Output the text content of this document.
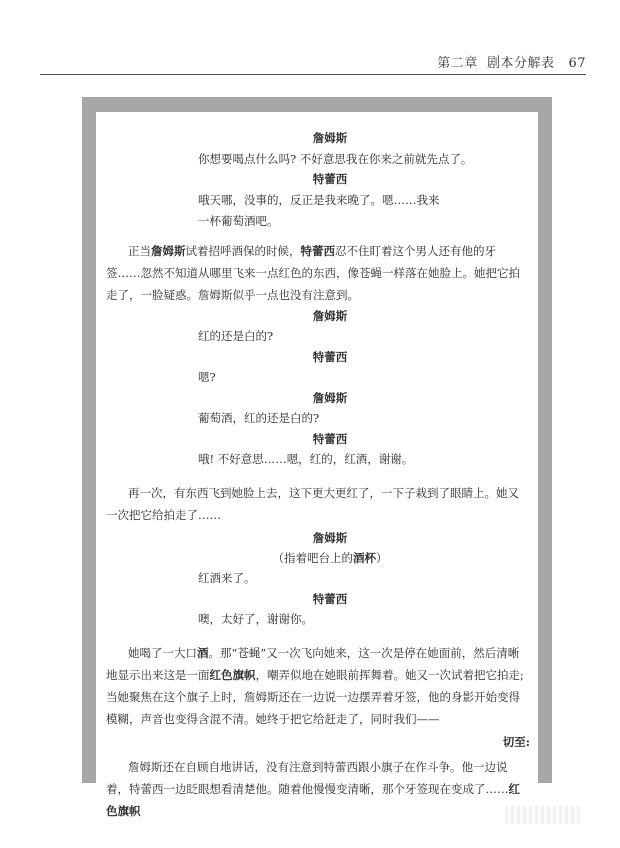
第二章 剧本分解表 67
詹姆斯
你想要喝点什么吗? 不好意思我在你来之前就先点了。
特蕾西
哦天哪，没事的，反正是我来晚了。嗯……我来
一杯葡萄酒吧。
正当詹姆斯试着招呼酒保的时候，特蕾西忍不住盯着这个男人还有他的牙签……忽然不知道从哪里飞来一点红色的东西，像苍蝇一样落在她脸上。她把它拍走了，一脸疑惑。詹姆斯似乎一点也没有注意到。
詹姆斯
红的还是白的?
特蕾西
嗯?
詹姆斯
葡萄酒，红的还是白的?
特蕾西
哦! 不好意思……嗯，红的，红酒，谢谢。
再一次，有东西飞到她脸上去，这下更大更红了，一下子栽到了眼睛上。她又一次把它给拍走了……
詹姆斯
（指着吧台上的酒杯）
红酒来了。
特蕾西
噢，太好了，谢谢你。
她喝了一大口酒。那“苍蝇”又一次飞向她来，这一次是停在她面前，然后清晰地显示出来这是一面红色旗帜，嘲弄似地在她眼前挥舞着。她又一次试着把它拍走;当她聚焦在这个旗子上时，詹姆斯还在一边说一边摆弄着牙签，他的身影开始变得模糊，声音也变得含混不清。她终于把它给赶走了，同时我们——
切至:
詹姆斯还在自顾自地讲话，没有注意到特蕾西跟小旗子在作斗争。他一边说着，特蕾西一边眨眼想看清楚他。随着他慢慢变清晰，那个牙签现在变成了……红色旗帜
